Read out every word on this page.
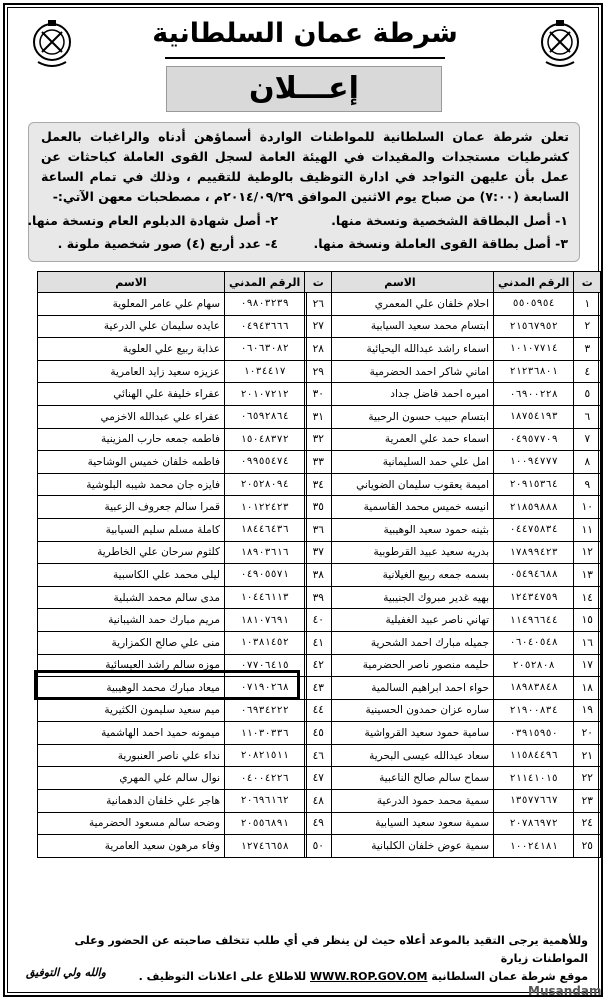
شرطة عمان السلطانية
إعـــلان
تعلن شرطة عمان السلطانية للمواطنات الواردة أسماؤهن أدناه والراغبات بالعمل كشرطيات مستجدات والمقيدات في الهيئة العامة لسجل القوى العاملة كباحثات عن عمل بأن عليهن التواجد في ادارة التوظيف بالوطية للتقييم ، وذلك في تمام الساعة السابعة (٧:٠٠) من صباح يوم الاثنين الموافق ٢٠١٤/٠٩/٢٩م ، مصطحبات معهن الآتي:-
١- أصل البطاقة الشخصية ونسخة منها.
٢- أصل شهادة الدبلوم العام ونسخة منها.
٣- أصل بطاقة القوى العاملة ونسخة منها.
٤- عدد أربع (٤) صور شخصية ملونة .
ت	الرقم المدني	الاسم
١	٥٥٠٥٩٥٤	احلام خلفان علي المعمري
٢	٢١٥٦٧٩٥٢	ابتسام محمد سعيد السيابية
٣	١٠١٠٧٧١٤	اسماء راشد عبدالله اليحيائية
٤	٢١٢٣٦٨٠١	اماني شاكر احمد الحضرمية
٥	٠٦٩٠٠٢٢٨	اميره احمد فاضل جداد
٦	١٨٧٥٤١٩٣	ابتسام حبيب حسون الرحبية
٧	٠٤٩٥٧٧٠٩	اسماء حمد علي العمرية
٨	١٠٠٩٤٧٧٧	امل علي حمد السليمانية
٩	٢٠٩١٥٣٦٤	اميمة يعقوب سليمان الضوياني
١٠	٢١٨٥٩٨٨٨	انيسه خميس محمد القاسمية
١١	٠٤٤٧٥٨٣٤	بثينه حمود سعيد الوهيبية
١٢	١٧٨٩٩٤٢٣	بدريه سعيد عبيد القرطوبية
١٣	٠٥٤٩٤٦٨٨	بسمه جمعه ربيع الغيلانية
١٤	١٢٤٣٤٧٥٩	بهيه غدير مبروك الجنيبية
١٥	١١٤٩٦٦٤٤	تهاني ناصر عبيد الغفيلية
١٦	٠٦٠٤٠٥٤٨	جميله مبارك احمد الشحرية
١٧	٢٠٥٢٨٠٨	حليمه منصور ناصر الحضرمية
١٨	١٨٩٨٣٨٤٨	حواء احمد ابراهيم السالمية
١٩	٢١٩٠٠٨٣٤	ساره عزان حمدون الحسينية
٢٠	٠٣٩١٥٩٥٠	سامية حمود سعيد القرواشية
٢١	١١٥٨٤٤٩٦	سعاد عبدالله عيسى البحرية
٢٢	٢١١٤١٠١٥	سماح سالم صالح الناعبية
٢٣	١٣٥٧٧٦٦٧	سمية محمد حمود الدرعية
٢٤	٢٠٧٨٦٩٧٢	سمية سعود سعيد السيابية
٢٥	١٠٠٢٤١٨١	سمية عوض خلفان الكلبانية
ت	الرقم المدني	الاسم
٢٦	٠٩٨٠٣٢٣٩	سهام علي عامر المعلوية
٢٧	٠٤٩٤٣٦٦٦	عايده سليمان علي الدرعية
٢٨	٠٦٠٦٣٠٨٢	عذابة ربيع علي العلوية
٢٩	١٠٣٤٤١٧	عزيزه سعيد زايد العامرية
٣٠	٢٠١٠٧٢١٢	عفراء خليفة علي الهنائي
٣١	٠٦٥٩٢٨٦٤	عفراء علي عبدالله الاخزمي
٣٢	١٥٠٤٨٣٧٢	فاطمه جمعه حارب المزينية
٣٣	٠٩٩٥٥٤٧٤	فاطمه خلفان خميس الوشاحية
٣٤	٢٠٥٢٨٠٩٤	فايزه جان محمد شيبه البلوشية
٣٥	١٠١٢٢٤٢٣	قمرا سالم جعروف الزعبية
٣٦	١٨٤٤٦٤٣٦	كاملة مسلم سليم السيابية
٣٧	١٨٩٠٣٦١٦	كلثوم سرحان علي الخاطرية
٣٨	٠٤٩٠٥٥٧١	ليلى محمد علي الكاسبية
٣٩	١٠٤٤٦١١٣	مدى سالم محمد الشبلية
٤٠	١٨١٠٧٦٩١	مريم مبارك حمد الشيبانية
٤١	١٠٣٨١٤٥٢	منى علي صالح الكمزارية
٤٢	٠٧٧٠٦٤١٥	موزه سالم راشد العيسائية
٤٣	٠٧١٩٠٢٦٨	ميعاد مبارك محمد الوهيبية
٤٤	٠٦٩٣٤٢٢٢	ميم سعيد سليمون الكثيرية
٤٥	١١٠٣٠٣٣٦	ميمونه حميد احمد الهاشمية
٤٦	٢٠٨٢١٥١١	نداء علي ناصر العنبورية
٤٧	٠٤٠٠٤٢٢٦	نوال سالم علي المهري
٤٨	٢٠٦٩٦١٦٢	هاجر علي خلفان الدهمانية
٤٩	٢٠٥٥٦٨٩١	وضحه سالم مسعود الحضرمية
٥٠	١٢٧٤٦٦٥٨	وفاء مرهون سعيد العامرية
وللأهمية يرجى التقيد بالموعد أعلاه حيث لن ينظر في أي طلب تتخلف صاحبته عن الحضور وعلى المواطنات زيارة
موقع شرطة عمان السلطانية WWW.ROP.GOV.OM للاطلاع على اعلانات التوظيف .
والله ولي التوفيق
Musandam
